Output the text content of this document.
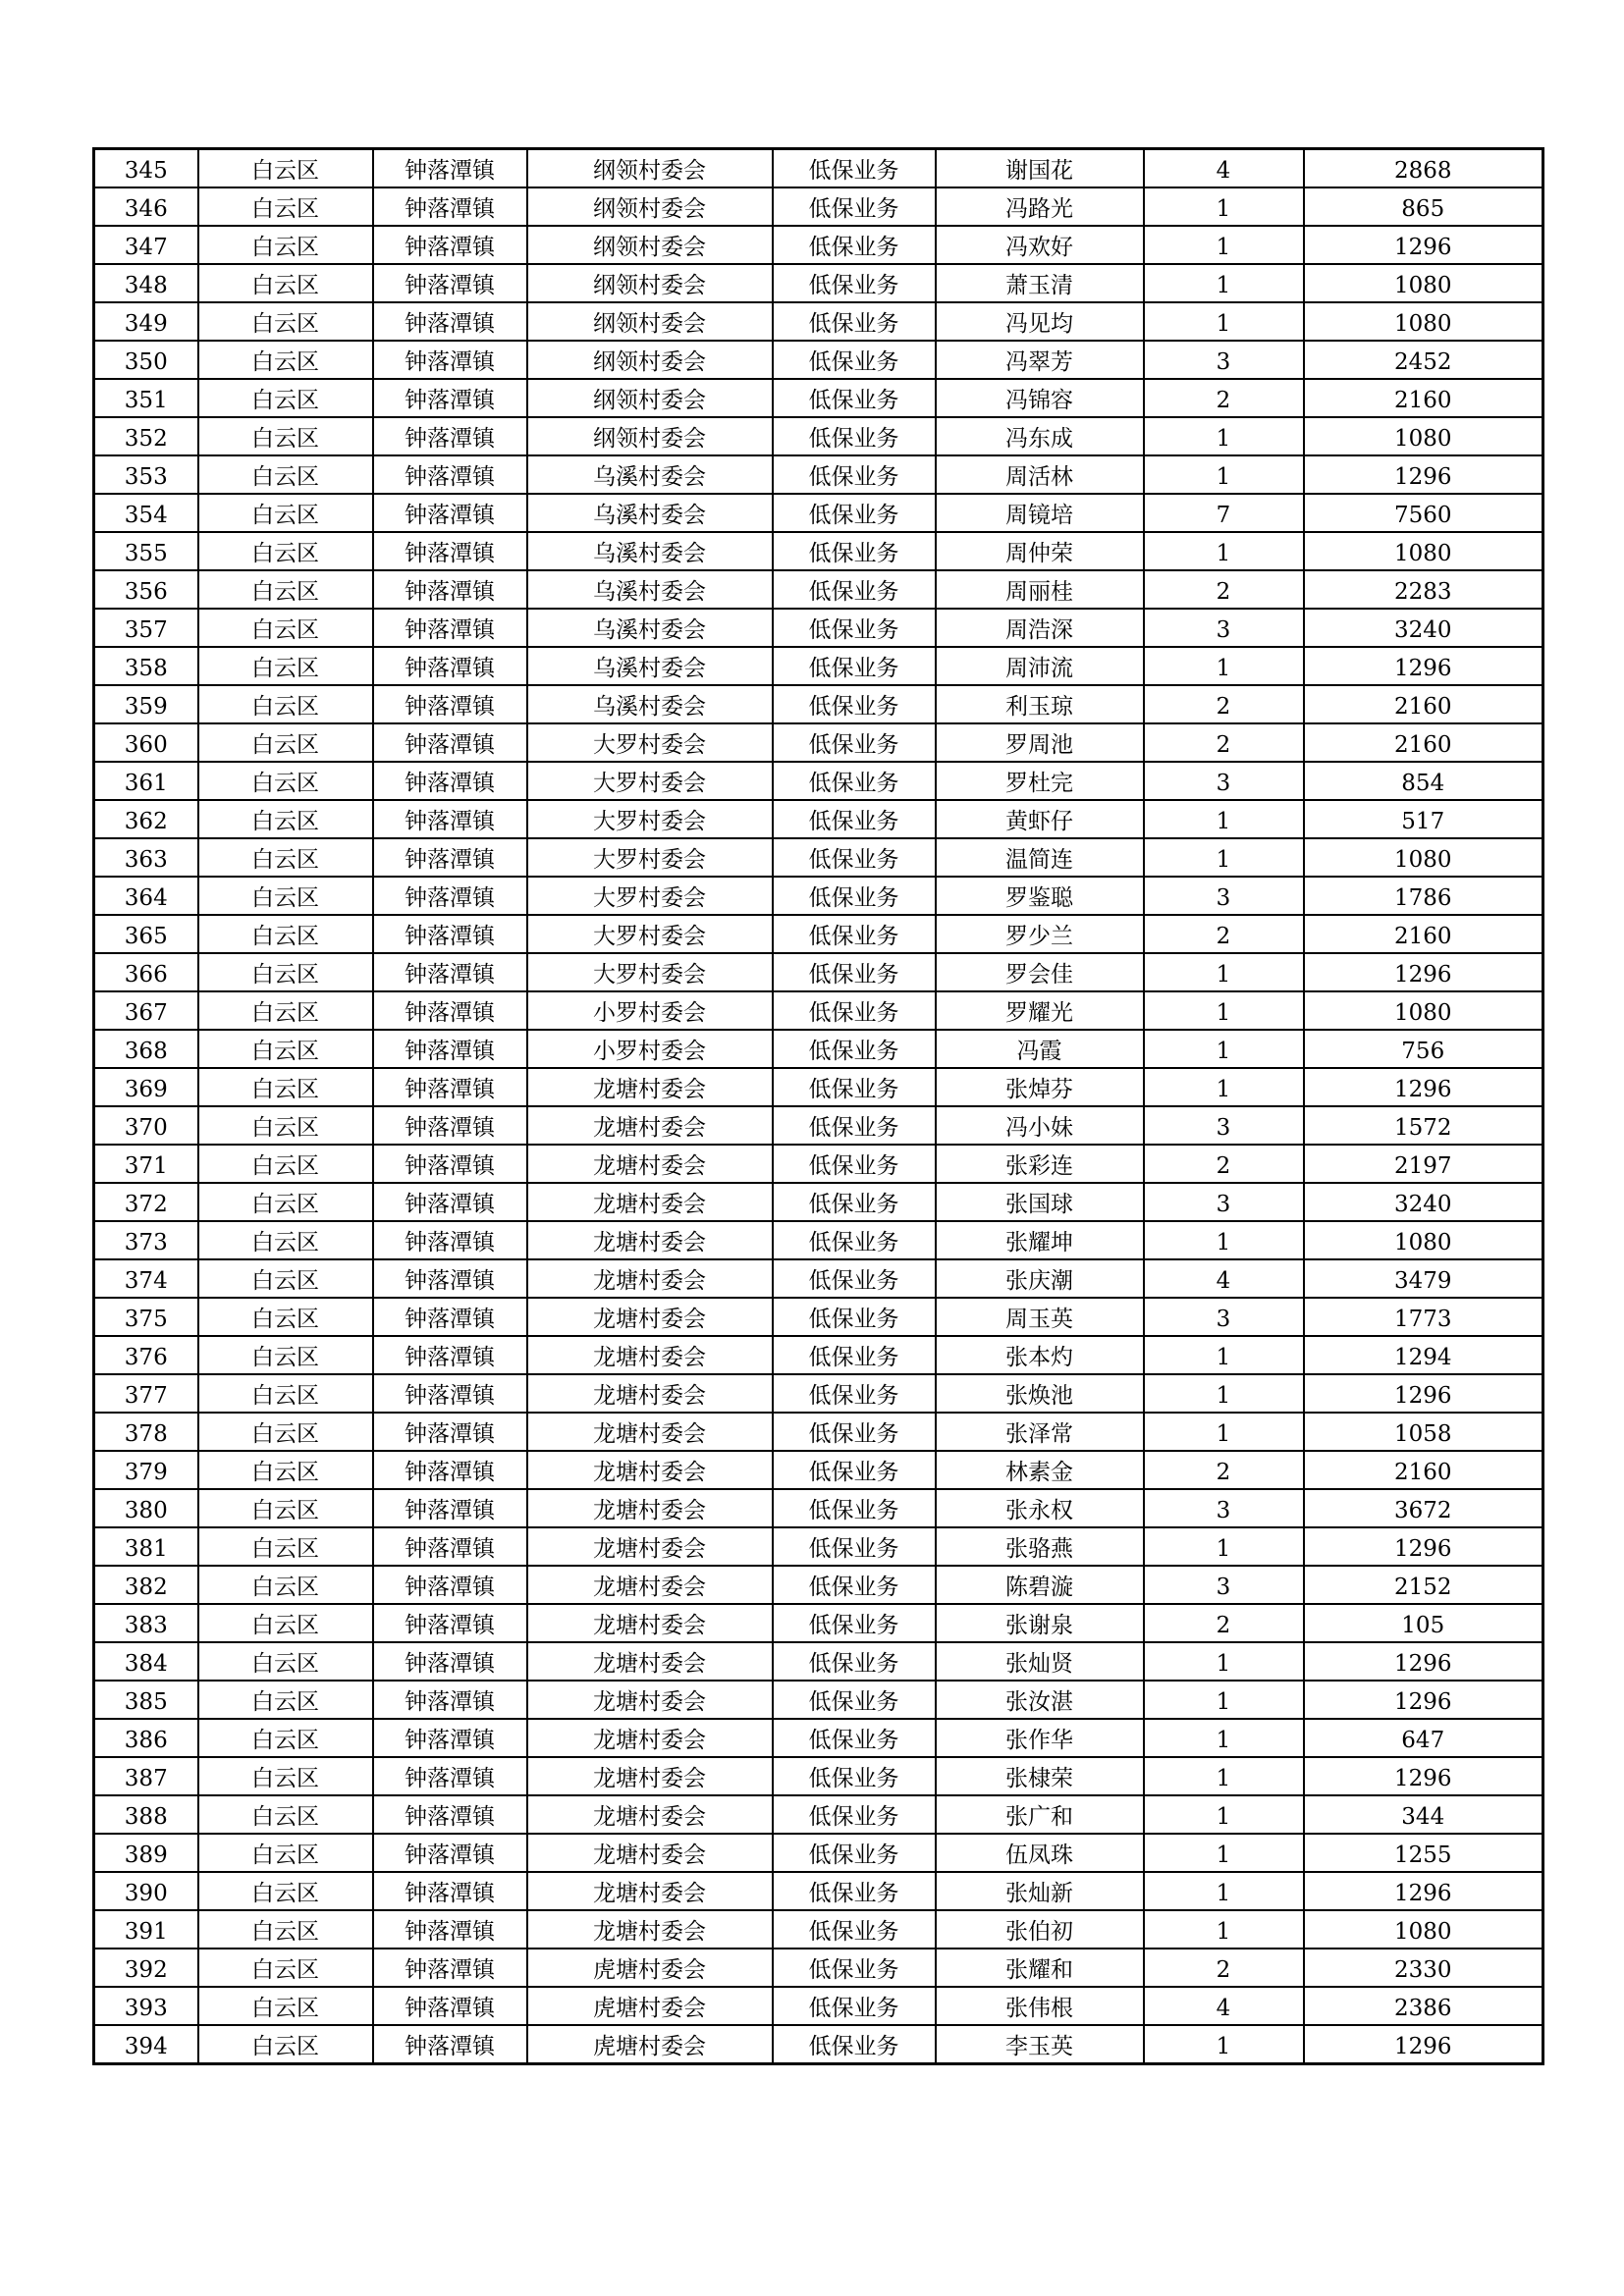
345	白云区	钟落潭镇	纲领村委会	低保业务	谢国花	4	2868
346	白云区	钟落潭镇	纲领村委会	低保业务	冯路光	1	865
347	白云区	钟落潭镇	纲领村委会	低保业务	冯欢好	1	1296
348	白云区	钟落潭镇	纲领村委会	低保业务	萧玉清	1	1080
349	白云区	钟落潭镇	纲领村委会	低保业务	冯见均	1	1080
350	白云区	钟落潭镇	纲领村委会	低保业务	冯翠芳	3	2452
351	白云区	钟落潭镇	纲领村委会	低保业务	冯锦容	2	2160
352	白云区	钟落潭镇	纲领村委会	低保业务	冯东成	1	1080
353	白云区	钟落潭镇	乌溪村委会	低保业务	周活林	1	1296
354	白云区	钟落潭镇	乌溪村委会	低保业务	周镜培	7	7560
355	白云区	钟落潭镇	乌溪村委会	低保业务	周仲荣	1	1080
356	白云区	钟落潭镇	乌溪村委会	低保业务	周丽桂	2	2283
357	白云区	钟落潭镇	乌溪村委会	低保业务	周浩深	3	3240
358	白云区	钟落潭镇	乌溪村委会	低保业务	周沛流	1	1296
359	白云区	钟落潭镇	乌溪村委会	低保业务	利玉琼	2	2160
360	白云区	钟落潭镇	大罗村委会	低保业务	罗周池	2	2160
361	白云区	钟落潭镇	大罗村委会	低保业务	罗杜完	3	854
362	白云区	钟落潭镇	大罗村委会	低保业务	黄虾仔	1	517
363	白云区	钟落潭镇	大罗村委会	低保业务	温简连	1	1080
364	白云区	钟落潭镇	大罗村委会	低保业务	罗鉴聪	3	1786
365	白云区	钟落潭镇	大罗村委会	低保业务	罗少兰	2	2160
366	白云区	钟落潭镇	大罗村委会	低保业务	罗会佳	1	1296
367	白云区	钟落潭镇	小罗村委会	低保业务	罗耀光	1	1080
368	白云区	钟落潭镇	小罗村委会	低保业务	冯霞	1	756
369	白云区	钟落潭镇	龙塘村委会	低保业务	张焯芬	1	1296
370	白云区	钟落潭镇	龙塘村委会	低保业务	冯小妹	3	1572
371	白云区	钟落潭镇	龙塘村委会	低保业务	张彩连	2	2197
372	白云区	钟落潭镇	龙塘村委会	低保业务	张国球	3	3240
373	白云区	钟落潭镇	龙塘村委会	低保业务	张耀坤	1	1080
374	白云区	钟落潭镇	龙塘村委会	低保业务	张庆潮	4	3479
375	白云区	钟落潭镇	龙塘村委会	低保业务	周玉英	3	1773
376	白云区	钟落潭镇	龙塘村委会	低保业务	张本灼	1	1294
377	白云区	钟落潭镇	龙塘村委会	低保业务	张焕池	1	1296
378	白云区	钟落潭镇	龙塘村委会	低保业务	张泽常	1	1058
379	白云区	钟落潭镇	龙塘村委会	低保业务	林素金	2	2160
380	白云区	钟落潭镇	龙塘村委会	低保业务	张永权	3	3672
381	白云区	钟落潭镇	龙塘村委会	低保业务	张骆燕	1	1296
382	白云区	钟落潭镇	龙塘村委会	低保业务	陈碧漩	3	2152
383	白云区	钟落潭镇	龙塘村委会	低保业务	张谢泉	2	105
384	白云区	钟落潭镇	龙塘村委会	低保业务	张灿贤	1	1296
385	白云区	钟落潭镇	龙塘村委会	低保业务	张汝湛	1	1296
386	白云区	钟落潭镇	龙塘村委会	低保业务	张作华	1	647
387	白云区	钟落潭镇	龙塘村委会	低保业务	张棣荣	1	1296
388	白云区	钟落潭镇	龙塘村委会	低保业务	张广和	1	344
389	白云区	钟落潭镇	龙塘村委会	低保业务	伍凤珠	1	1255
390	白云区	钟落潭镇	龙塘村委会	低保业务	张灿新	1	1296
391	白云区	钟落潭镇	龙塘村委会	低保业务	张伯初	1	1080
392	白云区	钟落潭镇	虎塘村委会	低保业务	张耀和	2	2330
393	白云区	钟落潭镇	虎塘村委会	低保业务	张伟根	4	2386
394	白云区	钟落潭镇	虎塘村委会	低保业务	李玉英	1	1296
